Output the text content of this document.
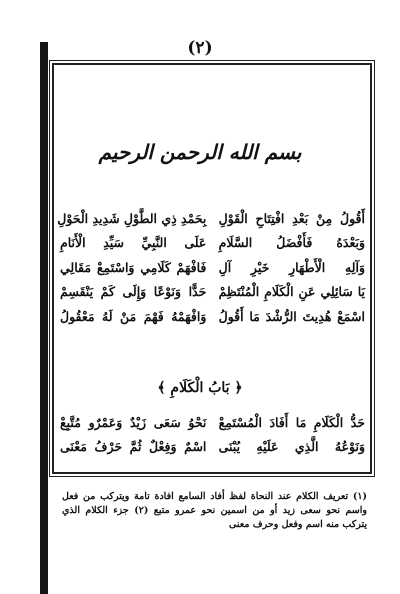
(٢)
بسم الله الرحمن الرحيم
أَقُولُ مِنْ بَعْدِ افْتِتَاحِ الْقَوْلِ
بِحَمْدِ ذِي الطَّوْلِ شَدِيدِ الْحَوْلِ
وَبَعْدَهُ فَأَفْضَلُ السَّلَامِ
عَلَى النَّبِيِّ سَيِّدِ الْأَنَامِ
وَآلِهِ الْأَطْهَارِ خَيْرِ آلِ
فَافْهَمْ كَلَامِي وَاسْتَمِعْ مَقَالِي
يَا سَائِلِي عَنِ الْكَلَامِ الْمُنْتَظِمْ
حَدًّا وَنَوْعًا وَإِلَى كَمْ يَنْقَسِمْ
اسْمَعْ هُدِيتَ الرُّشْدَ مَا أَقُولُ
وَافْهَمْهُ فَهْمَ مَنْ لَهُ مَعْقُولُ
﴿ بَابُ الْكَلَامِ ﴾
حَدُّ الْكَلَامِ مَا أَفَادَ الْمُسْتَمِعْ
نَحْوُ سَعَى زَيْدٌ وَعَمْرٌو مُتَّبِعْ
وَنَوْعُهُ الَّذِي عَلَيْهِ يُبْنَى
اسْمٌ وَفِعْلٌ ثُمَّ حَرْفُ مَعْنَى

(١) تعريف الكلام عند النحاة لفظ أفاد السامع افادة تامة ويتركب من فعل واسم نحو سعى زيد أو من اسمين نحو عمرو متبع (٢) جزء الكلام الذي يتركب منه اسم وفعل وحرف معنى
